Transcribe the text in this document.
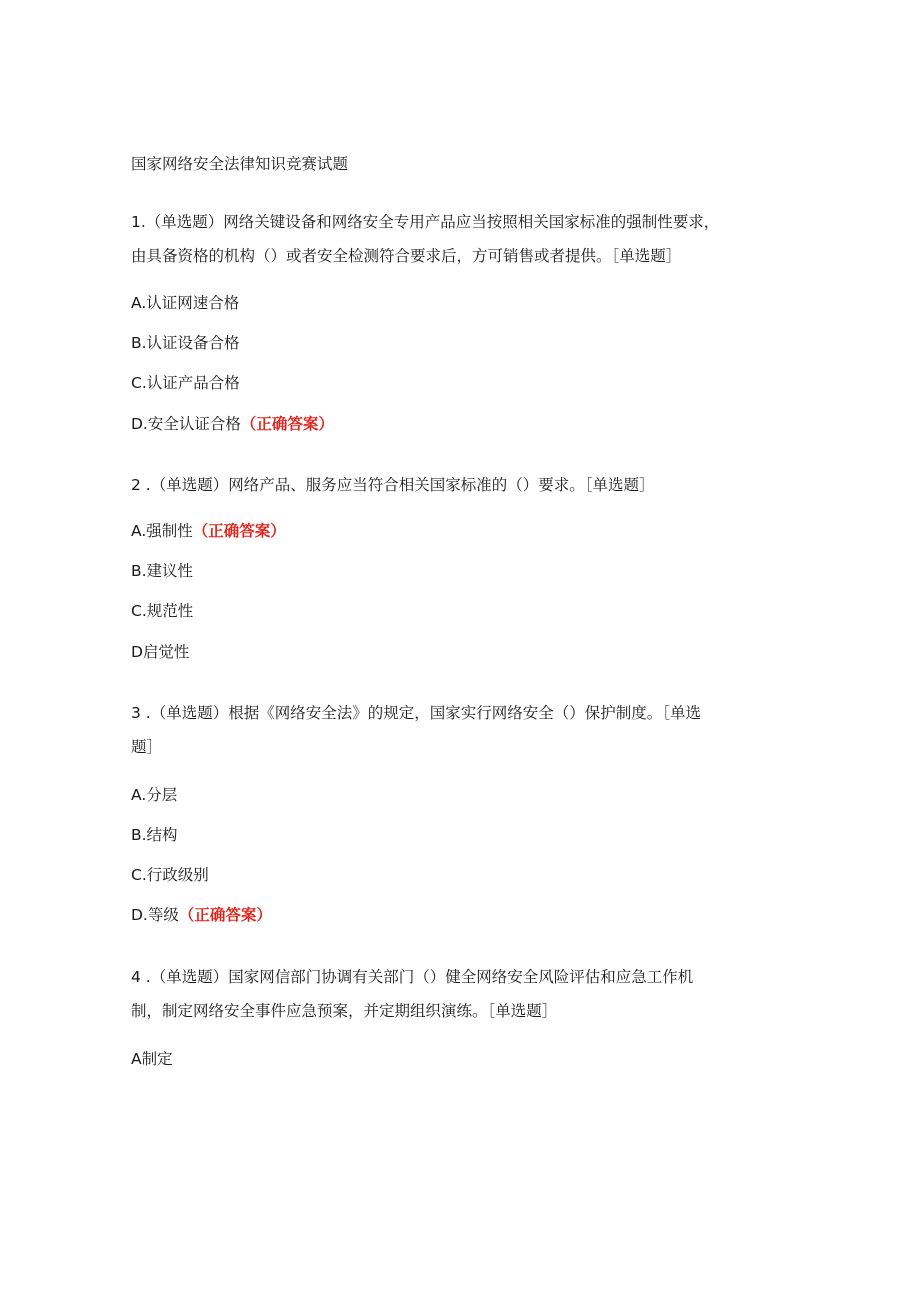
国家网络安全法律知识竞赛试题
1.（单选题）网络关键设备和网络安全专用产品应当按照相关国家标准的强制性要求，
由具备资格的机构（）或者安全检测符合要求后，方可销售或者提供。［单选题］
A.认证网速合格
B.认证设备合格
C.认证产品合格
D.安全认证合格（正确答案）
2 .（单选题）网络产品、服务应当符合相关国家标准的（）要求。［单选题］
A.强制性（正确答案）
B.建议性
C.规范性
D启觉性
3 .（单选题）根据《网络安全法》的规定，国家实行网络安全（）保护制度。［单选
题］
A.分层
B.结构
C.行政级别
D.等级（正确答案）
4 .（单选题）国家网信部门协调有关部门（）健全网络安全风险评估和应急工作机
制，制定网络安全事件应急预案，并定期组织演练。［单选题］
A制定
